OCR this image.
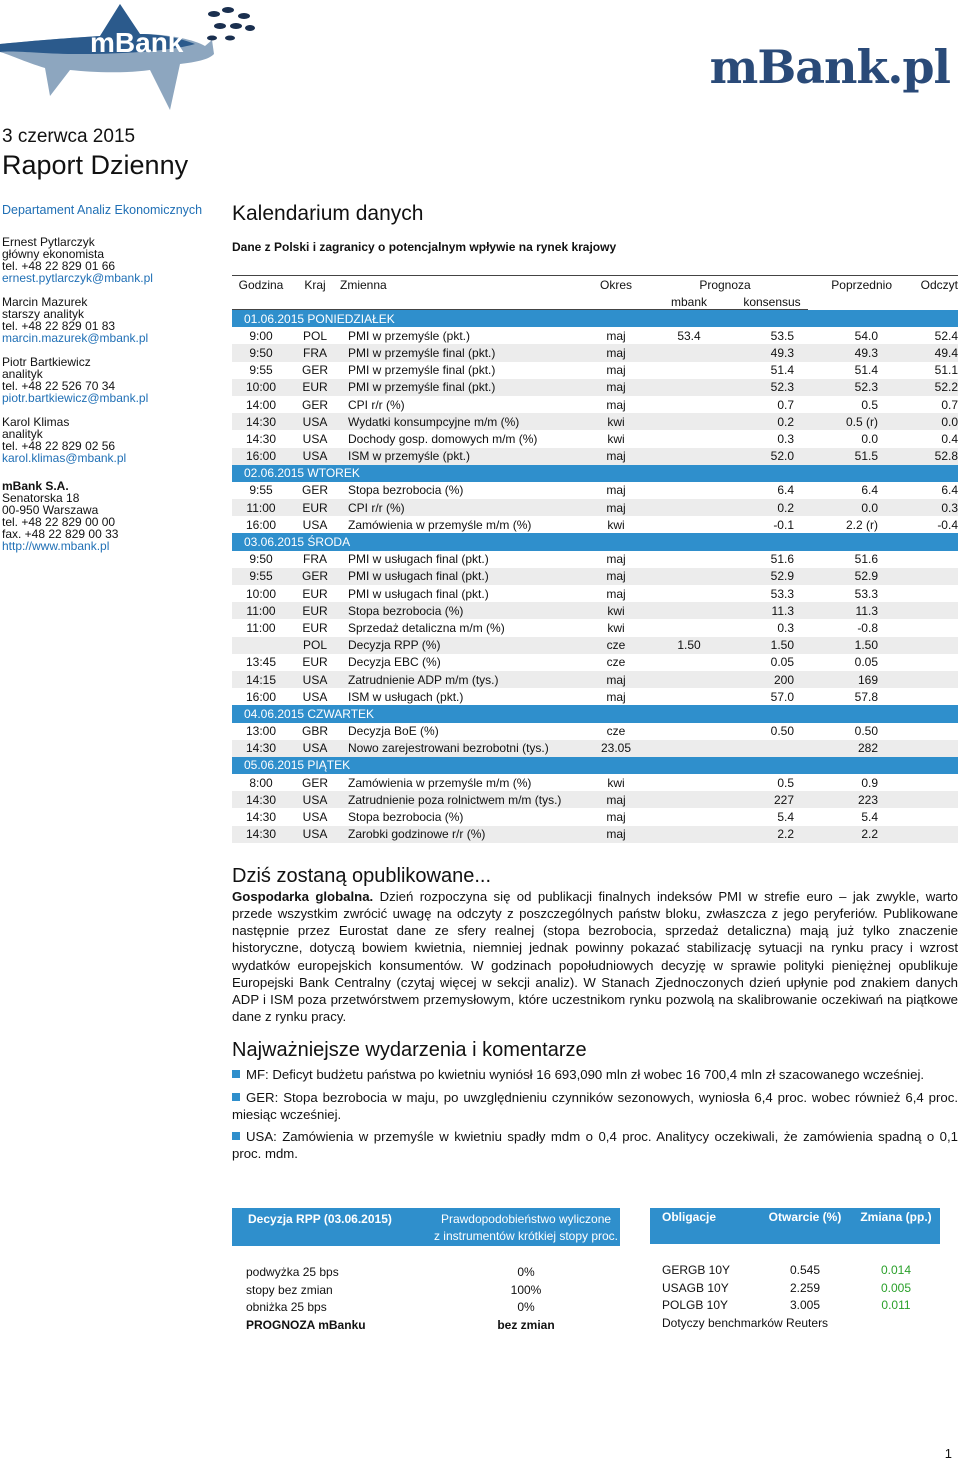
mBank	mBank.pl
3 czerwca 2015
Raport Dzienny
Departament Analiz Ekonomicznych
Ernest Pytlarczyk
główny ekonomista
tel. +48 22 829 01 66
ernest.pytlarczyk@mbank.pl
Marcin Mazurek
starszy analityk
tel. +48 22 829 01 83
marcin.mazurek@mbank.pl
Piotr Bartkiewicz
analityk
tel. +48 22 526 70 34
piotr.bartkiewicz@mbank.pl
Karol Klimas
analityk
tel. +48 22 829 02 56
karol.klimas@mbank.pl
mBank S.A.
Senatorska 18
00-950 Warszawa
tel. +48 22 829 00 00
fax. +48 22 829 00 33
http://www.mbank.pl
Kalendarium danych
Dane z Polski i zagranicy o potencjalnym wpływie na rynek krajowy
Godzina	Kraj	Zmienna	Okres	Prognoza		Poprzednio	Odczyt
				mbank	konsensus		
01.06.2015 PONIEDZIAŁEK							
9:00	POL	PMI w przemyśle (pkt.)	maj	53.4	53.5	54.0	52.4
9:50	FRA	PMI w przemyśle final (pkt.)	maj		49.3	49.3	49.4
9:55	GER	PMI w przemyśle final (pkt.)	maj		51.4	51.4	51.1
10:00	EUR	PMI w przemyśle final (pkt.)	maj		52.3	52.3	52.2
14:00	GER	CPI r/r (%)	maj		0.7	0.5	0.7
14:30	USA	Wydatki konsumpcyjne m/m (%)	kwi		0.2	0.5 (r)	0.0
14:30	USA	Dochody gosp. domowych m/m (%)	kwi		0.3	0.0	0.4
16:00	USA	ISM w przemyśle (pkt.)	maj		52.0	51.5	52.8
02.06.2015 WTOREK							
9:55	GER	Stopa bezrobocia (%)	maj		6.4	6.4	6.4
11:00	EUR	CPI r/r (%)	maj		0.2	0.0	0.3
16:00	USA	Zamówienia w przemyśle m/m (%)	kwi		-0.1	2.2 (r)	-0.4
03.06.2015 ŚRODA							
9:50	FRA	PMI w usługach final (pkt.)	maj		51.6	51.6	
9:55	GER	PMI w usługach final (pkt.)	maj		52.9	52.9	
10:00	EUR	PMI w usługach final (pkt.)	maj		53.3	53.3	
11:00	EUR	Stopa bezrobocia (%)	kwi		11.3	11.3	
11:00	EUR	Sprzedaż detaliczna m/m (%)	kwi		0.3	-0.8	
	POL	Decyzja RPP (%)	cze	1.50	1.50	1.50	
13:45	EUR	Decyzja EBC (%)	cze		0.05	0.05	
14:15	USA	Zatrudnienie ADP m/m (tys.)	maj		200	169	
16:00	USA	ISM w usługach (pkt.)	maj		57.0	57.8	
04.06.2015 CZWARTEK							
13:00	GBR	Decyzja BoE (%)	cze		0.50	0.50	
14:30	USA	Nowo zarejestrowani bezrobotni (tys.)	23.05			282	
05.06.2015 PIĄTEK							
8:00	GER	Zamówienia w przemyśle m/m (%)	kwi		0.5	0.9	
14:30	USA	Zatrudnienie poza rolnictwem m/m (tys.)	maj		227	223	
14:30	USA	Stopa bezrobocia (%)	maj		5.4	5.4	
14:30	USA	Zarobki godzinowe r/r (%)	maj		2.2	2.2	
Dziś zostaną opublikowane...
Gospodarka globalna. Dzień rozpoczyna się od publikacji finalnych indeksów PMI w strefie euro – jak zwykle, warto przede wszystkim zwrócić uwagę na odczyty z poszczególnych państw bloku, zwłaszcza z jego peryferiów. Publikowane następnie przez Eurostat dane ze sfery realnej (stopa bezrobocia, sprzedaż detaliczna) mają już tylko znaczenie historyczne, dotyczą bowiem kwietnia, niemniej jednak powinny pokazać stabilizację sytuacji na rynku pracy i wzrost wydatków europejskich konsumentów. W godzinach popołudniowych decyzję w sprawie polityki pieniężnej opublikuje Europejski Bank Centralny (czytaj więcej w sekcji analiz). W Stanach Zjednoczonych dzień upłynie pod znakiem danych ADP i ISM poza przetwórstwem przemysłowym, które uczestnikom rynku pozwolą na skalibrowanie oczekiwań na piątkowe dane z rynku pracy.
Najważniejsze wydarzenia i komentarze
MF: Deficyt budżetu państwa po kwietniu wyniósł 16 693,090 mln zł wobec 16 700,4 mln zł szacowanego wcześniej.
GER: Stopa bezrobocia w maju, po uwzględnieniu czynników sezonowych, wyniosła 6,4 proc. wobec również 6,4 proc. miesiąc wcześniej.
USA: Zamówienia w przemyśle w kwietniu spadły mdm o 0,4 proc. Analitycy oczekiwali, że zamówienia spadną o 0,1 proc. mdm.
Decyzja RPP (03.06.2015)	Prawdopodobieństwo wyliczone
z instrumentów krótkiej stopy proc.

podwyżka 25 bps	0%
stopy bez zmian	100%
obniżka 25 bps	0%
PROGNOZA mBanku	bez zmian
Obligacje	Otwarcie (%)	Zmiana (pp.)

GERGB 10Y	0.545	0.014
USAGB 10Y	2.259	0.005
POLGB 10Y	3.005	0.011
Dotyczy benchmarków Reuters		
1
